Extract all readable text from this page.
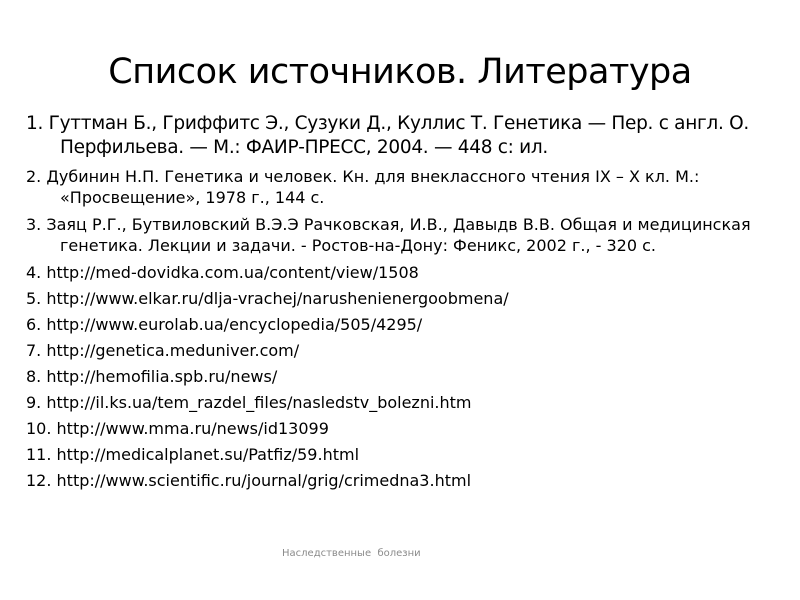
Список источников. Литература
1. Гуттман Б., Гриффитс Э., Сузуки Д., Куллис Т. Генетика — Пер. с англ. О. Перфильева. — М.: ФАИР-ПРЕСС, 2004. — 448 с: ил.
2. Дубинин Н.П. Генетика и человек. Кн. для внеклассного чтения IX – X кл. М.: «Просвещение», 1978 г., 144 с.
3. Заяц Р.Г., Бутвиловский В.Э.Э Рачковская, И.В., Давыдв В.В. Общая и медицинская генетика. Лекции и задачи. - Ростов-на-Дону: Феникс, 2002 г., - 320 с.
4. http://med-dovidka.com.ua/content/view/1508
5. http://www.elkar.ru/dlja-vrachej/narushenienergoobmena/
6. http://www.eurolab.ua/encyclopedia/505/4295/
7. http://genetica.meduniver.com/
8. http://hemofilia.spb.ru/news/
9. http://il.ks.ua/tem_razdel_files/nasledstv_bolezni.htm
10. http://www.mma.ru/news/id13099
11. http://medicalplanet.su/Patfiz/59.html
12. http://www.scientific.ru/journal/grig/crimedna3.html
Наследственные  болезни
